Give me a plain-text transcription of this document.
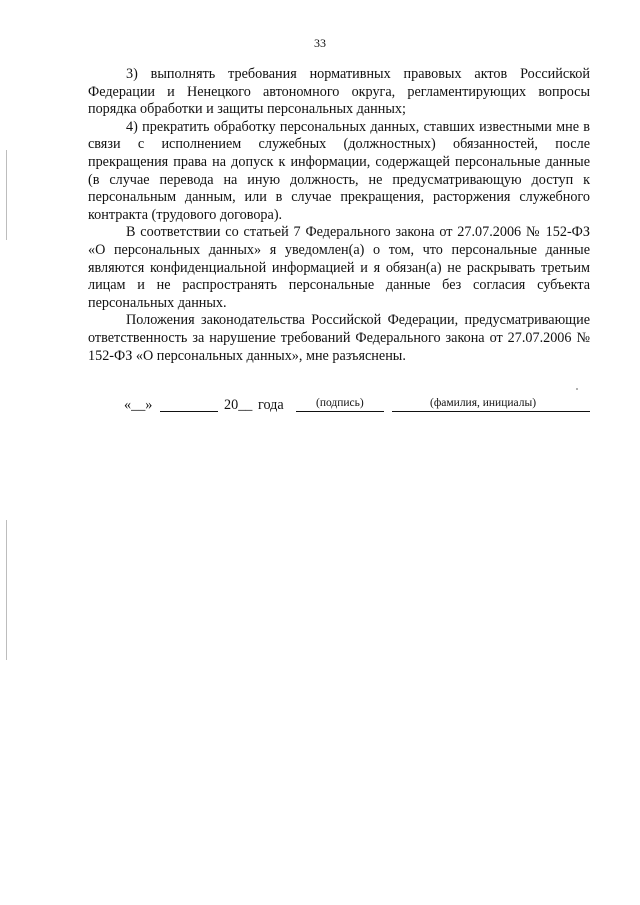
33

3) выполнять требования нормативных правовых актов Российской Федерации и Ненецкого автономного округа, регламентирующих вопросы порядка обработки и защиты персональных данных;

4) прекратить обработку персональных данных, ставших известными мне в связи с исполнением служебных (должностных) обязанностей, после прекращения права на допуск к информации, содержащей персональные данные (в случае перевода на иную должность, не предусматривающую доступ к персональным данным, или в случае прекращения, расторжения служебного контракта (трудового договора).

В соответствии со статьей 7 Федерального закона от 27.07.2006 № 152-ФЗ «О персональных данных» я уведомлен(а) о том, что персональные данные являются конфиденциальной информацией и я обязан(а) не раскрывать третьим лицам и не распространять персональные данные без согласия субъекта персональных данных.

Положения законодательства Российской Федерации, предусматривающие ответственность за нарушение требований Федерального закона от 27.07.2006 № 152-ФЗ «О персональных данных», мне разъяснены.

«__»	20__ года	(подпись)	(фамилия, инициалы)
